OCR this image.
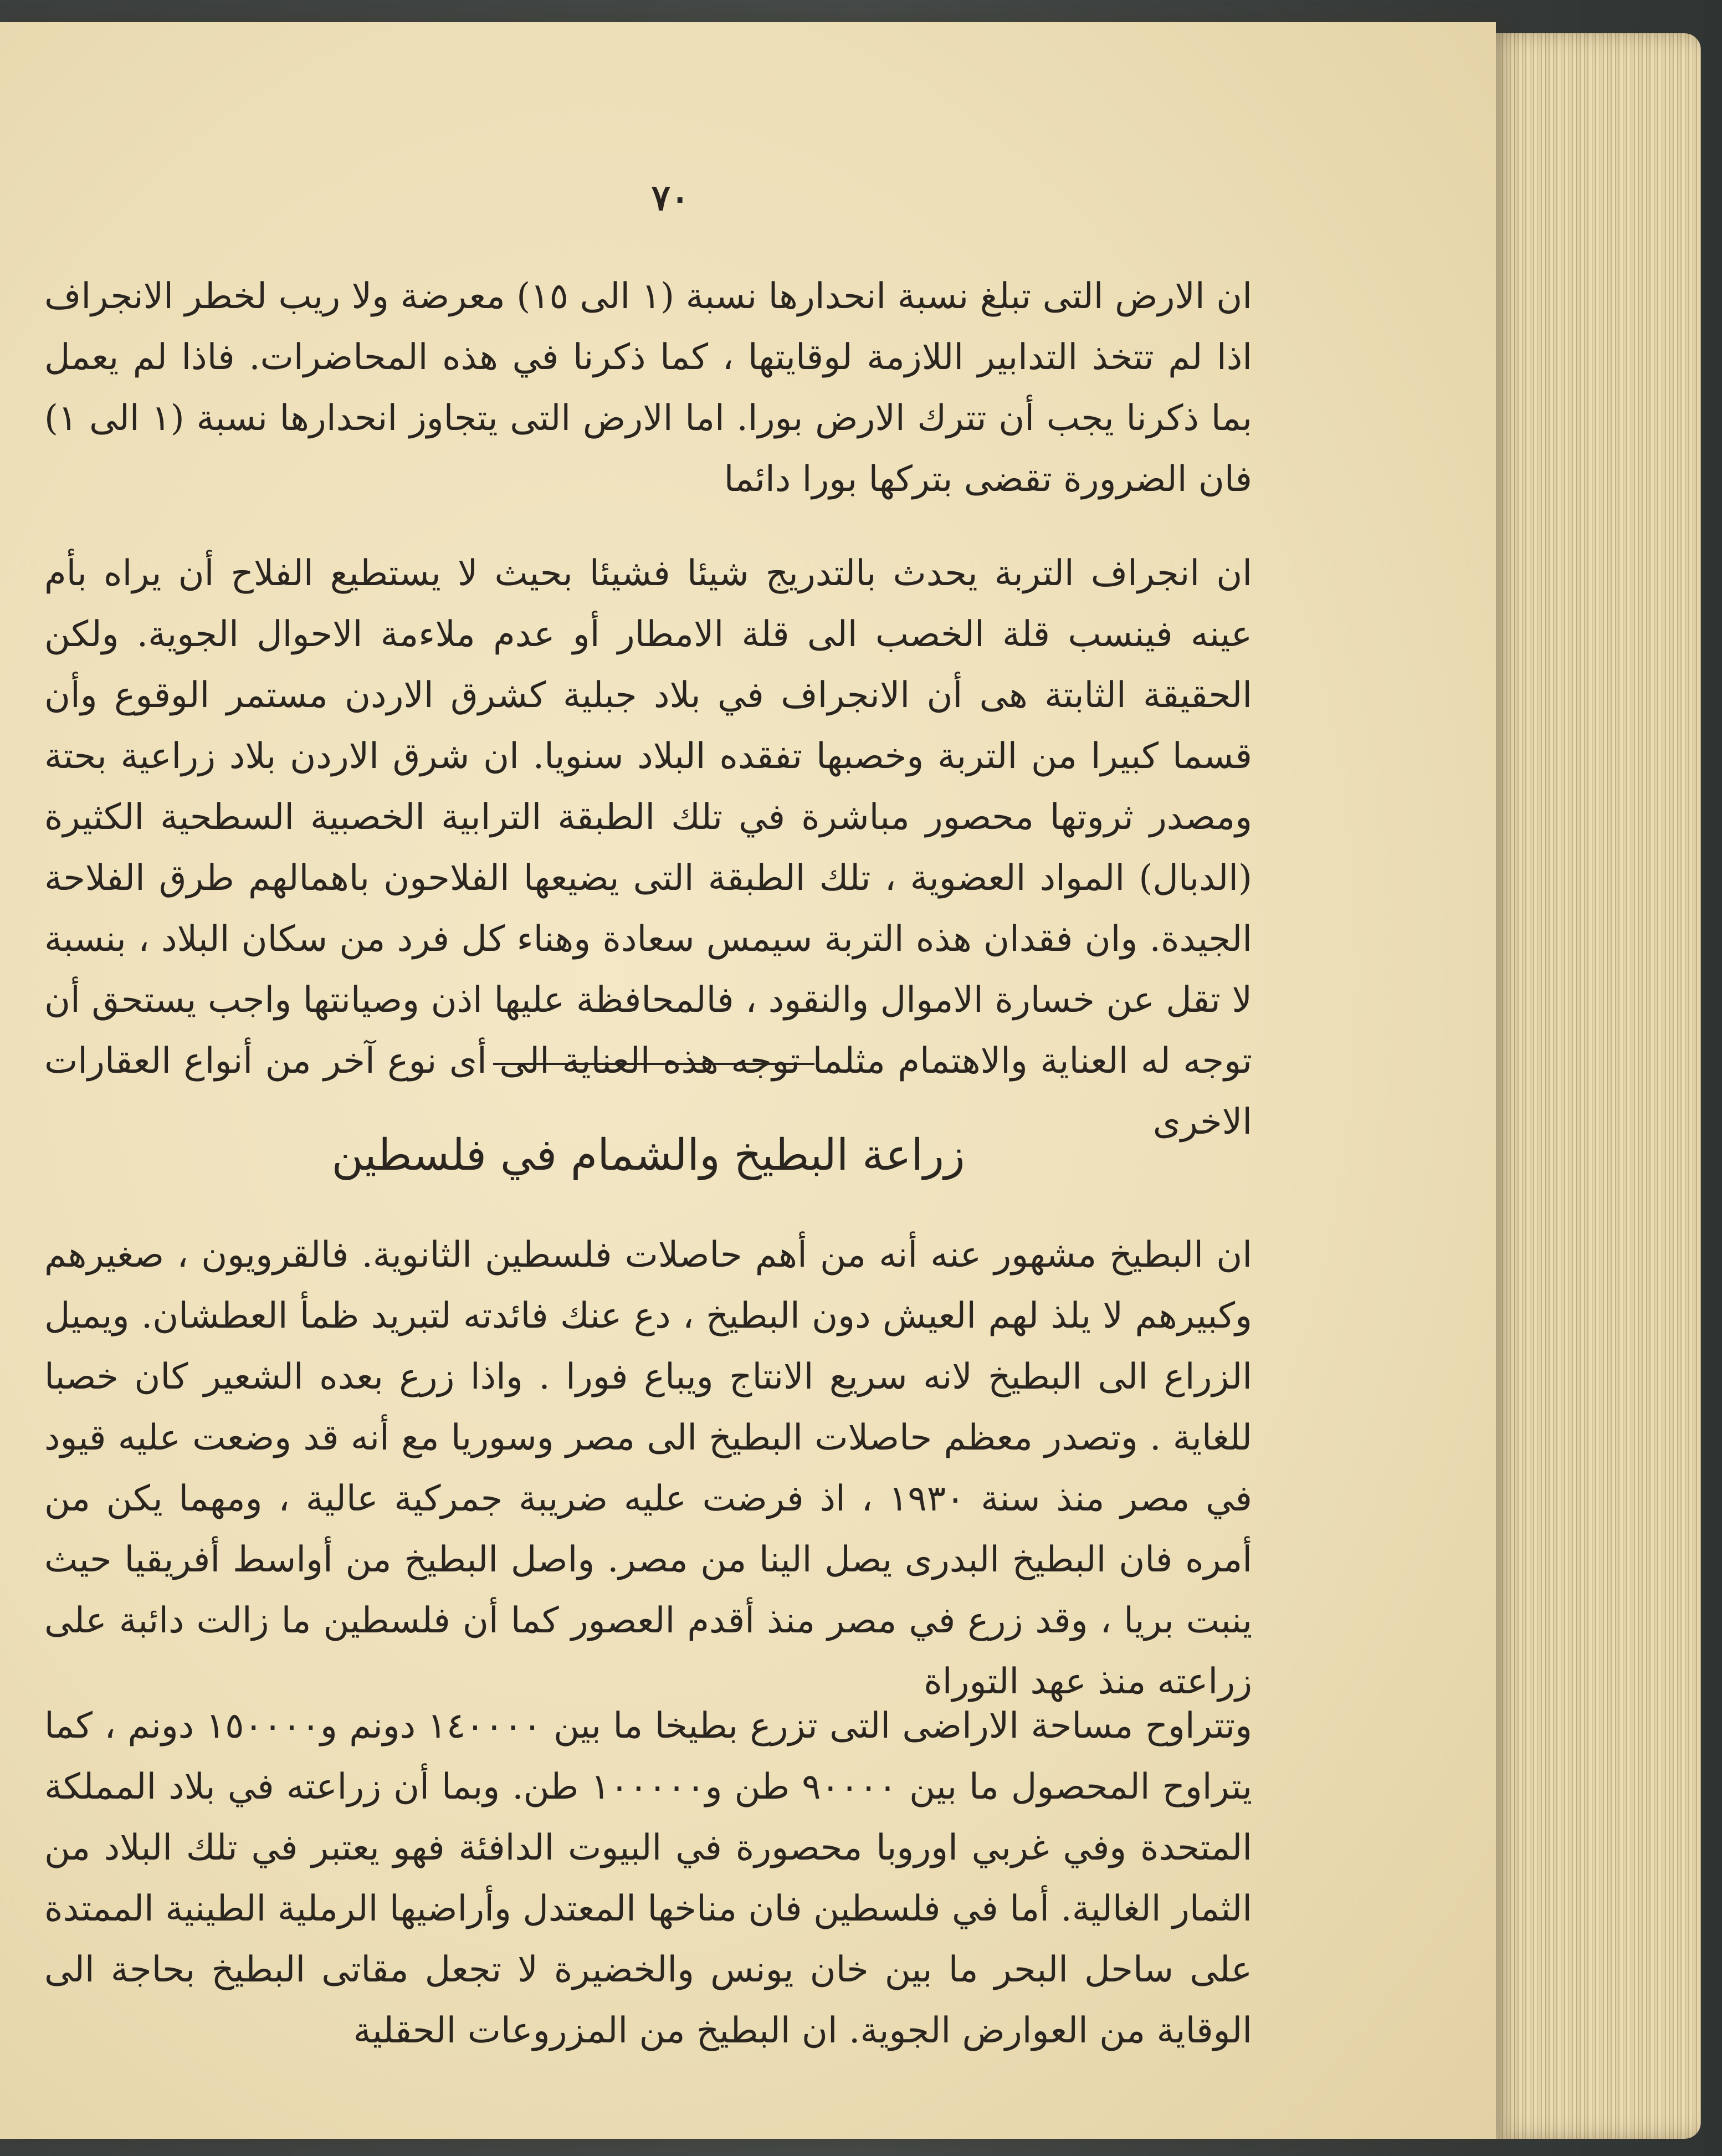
٧٠

ان الارض التى تبلغ نسبة انحدارها نسبة (١ الى ١٥) معرضة ولا ريب لخطر الانجراف اذا لم تتخذ التدابير اللازمة لوقايتها ، كما ذكرنا في هذه المحاضرات. فاذا لم يعمل بما ذكرنا يجب أن تترك الارض بورا. اما الارض التى يتجاوز انحدارها نسبة (١ الى ١) فان الضرورة تقضى بتركها بورا دائما

ان انجراف التربة يحدث بالتدريج شيئا فشيئا بحيث لا يستطيع الفلاح أن يراه بأم عينه فينسب قلة الخصب الى قلة الامطار أو عدم ملاءمة الاحوال الجوية. ولكن الحقيقة الثابتة هى أن الانجراف في بلاد جبلية كشرق الاردن مستمر الوقوع وأن قسما كبيرا من التربة وخصبها تفقده البلاد سنويا. ان شرق الاردن بلاد زراعية بحتة ومصدر ثروتها محصور مباشرة في تلك الطبقة الترابية الخصبية السطحية الكثيرة (الدبال) المواد العضوية ، تلك الطبقة التى يضيعها الفلاحون باهمالهم طرق الفلاحة الجيدة. وان فقدان هذه التربة سيمس سعادة وهناء كل فرد من سكان البلاد ، بنسبة لا تقل عن خسارة الاموال والنقود ، فالمحافظة عليها اذن وصيانتها واجب يستحق أن توجه له العناية والاهتمام مثلما توجه هذه العناية الى أى نوع آخر من أنواع العقارات الاخرى

زراعة البطيخ والشمام في فلسطين

ان البطيخ مشهور عنه أنه من أهم حاصلات فلسطين الثانوية. فالقرويون ، صغيرهم وكبيرهم لا يلذ لهم العيش دون البطيخ ، دع عنك فائدته لتبريد ظمأ العطشان. ويميل الزراع الى البطيخ لانه سريع الانتاج ويباع فورا . واذا زرع بعده الشعير كان خصبا للغاية . وتصدر معظم حاصلات البطيخ الى مصر وسوريا مع أنه قد وضعت عليه قيود في مصر منذ سنة ١٩٣٠ ، اذ فرضت عليه ضريبة جمركية عالية ، ومهما يكن من أمره فان البطيخ البدرى يصل الينا من مصر. واصل البطيخ من أواسط أفريقيا حيث ينبت بريا ، وقد زرع في مصر منذ أقدم العصور كما أن فلسطين ما زالت دائبة على زراعته منذ عهد التوراة

وتتراوح مساحة الاراضى التى تزرع بطيخا ما بين ١٤٠٠٠٠ دونم و١٥٠٠٠٠ دونم ، كما يتراوح المحصول ما بين ٩٠٠٠٠ طن و١٠٠٠٠٠ طن. وبما أن زراعته في بلاد المملكة المتحدة وفي غربي اوروبا محصورة في البيوت الدافئة فهو يعتبر في تلك البلاد من الثمار الغالية. أما في فلسطين فان مناخها المعتدل وأراضيها الرملية الطينية الممتدة على ساحل البحر ما بين خان يونس والخضيرة لا تجعل مقاتى البطيخ بحاجة الى الوقاية من العوارض الجوية. ان البطيخ من المزروعات الحقلية
